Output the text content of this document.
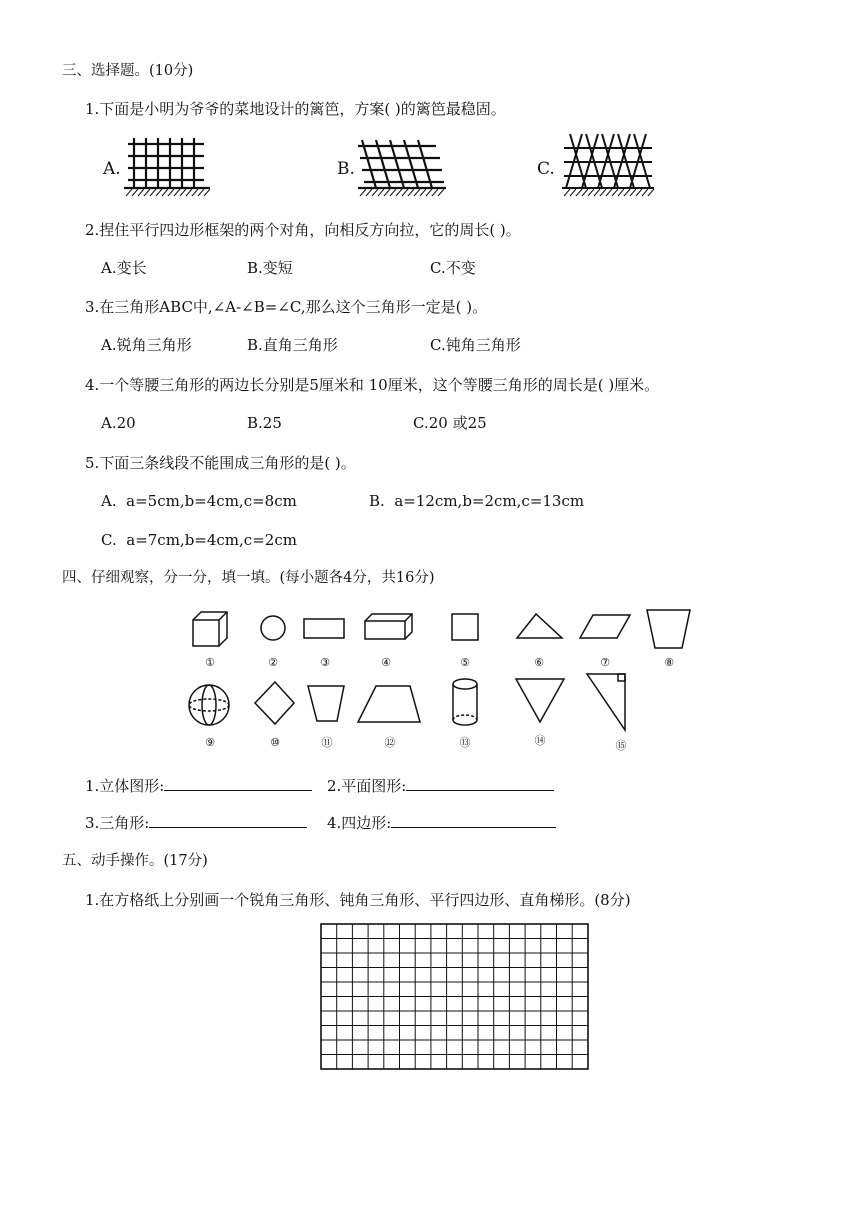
三、选择题。(10分)
1.下面是小明为爷爷的菜地设计的篱笆，方案( )的篱笆最稳固。
A.	B.	C.
2.捏住平行四边形框架的两个对角，向相反方向拉，它的周长( )。
A.变长	B.变短	C.不变
3.在三角形ABC中,∠A-∠B=∠C,那么这个三角形一定是( )。
A.锐角三角形	B.直角三角形	C.钝角三角形
4.一个等腰三角形的两边长分别是5厘米和 10厘米，这个等腰三角形的周长是( )厘米。
A.20	B.25	C.20 或25
5.下面三条线段不能围成三角形的是( )。
A.  a=5cm,b=4cm,c=8cm	B.  a=12cm,b=2cm,c=13cm
C.  a=7cm,b=4cm,c=2cm
四、仔细观察，分一分，填一填。(每小题各4分，共16分)
①	②	③	④	⑤	⑥	⑦	⑧
⑨	⑩	⑪	⑫	⑬	⑭	⑮
1.立体图形:	2.平面图形:
3.三角形:	4.四边形:
五、动手操作。(17分)
1.在方格纸上分别画一个锐角三角形、钝角三角形、平行四边形、直角梯形。(8分)
